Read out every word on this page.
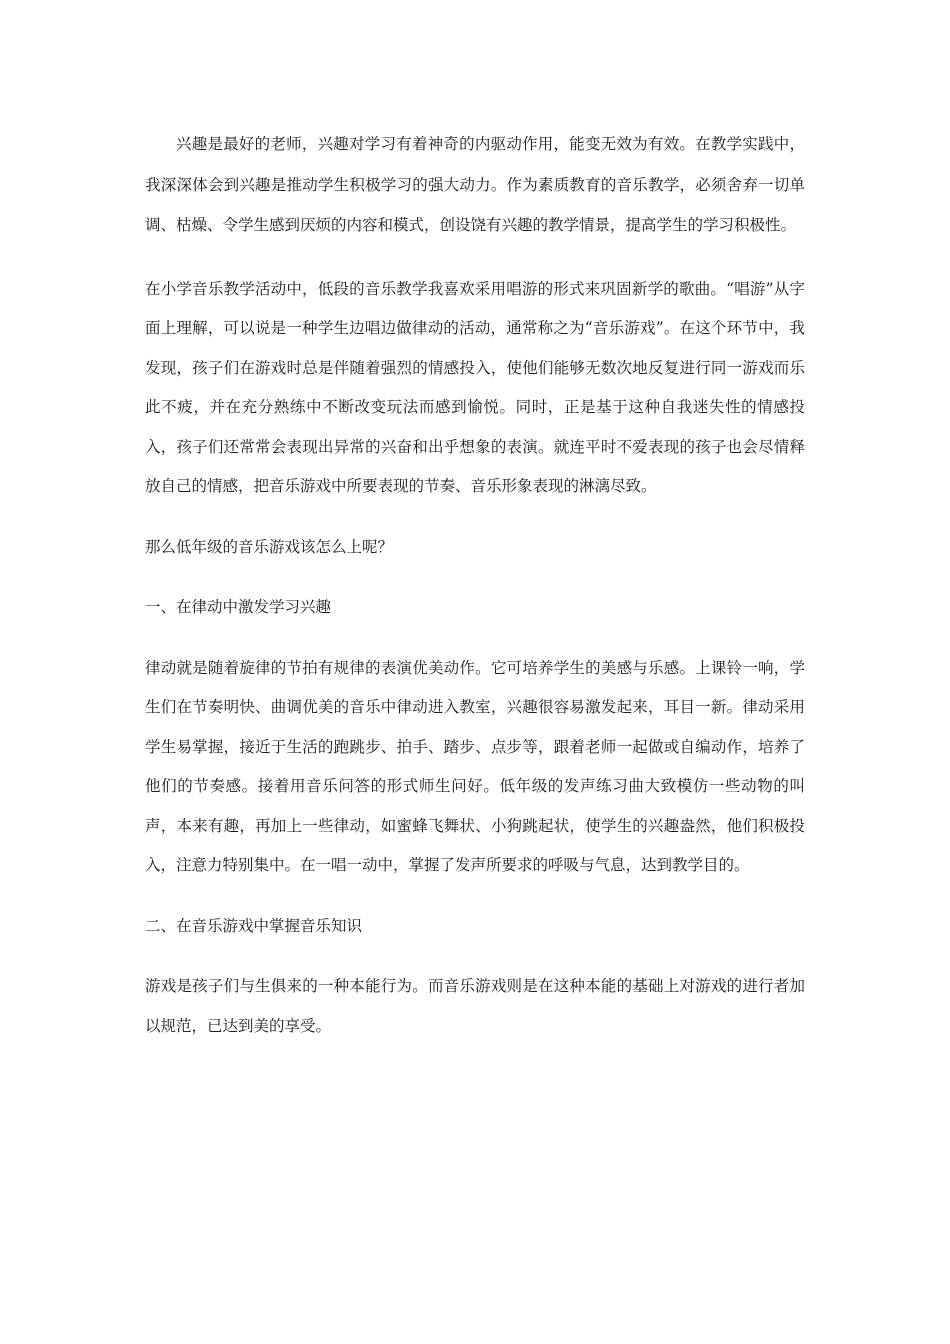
兴趣是最好的老师，兴趣对学习有着神奇的内驱动作用，能变无效为有效。在教学实践中，我深深体会到兴趣是推动学生积极学习的强大动力。作为素质教育的音乐教学，必须舍弃一切单调、枯燥、令学生感到厌烦的内容和模式，创设饶有兴趣的教学情景，提高学生的学习积极性。

在小学音乐教学活动中，低段的音乐教学我喜欢采用唱游的形式来巩固新学的歌曲。“唱游”从字面上理解，可以说是一种学生边唱边做律动的活动，通常称之为“音乐游戏”。在这个环节中，我发现，孩子们在游戏时总是伴随着强烈的情感投入，使他们能够无数次地反复进行同一游戏而乐此不疲，并在充分熟练中不断改变玩法而感到愉悦。同时，正是基于这种自我迷失性的情感投入，孩子们还常常会表现出异常的兴奋和出乎想象的表演。就连平时不爱表现的孩子也会尽情释放自己的情感，把音乐游戏中所要表现的节奏、音乐形象表现的淋漓尽致。

那么低年级的音乐游戏该怎么上呢？

一、在律动中激发学习兴趣

律动就是随着旋律的节拍有规律的表演优美动作。它可培养学生的美感与乐感。上课铃一响，学生们在节奏明快、曲调优美的音乐中律动进入教室，兴趣很容易激发起来，耳目一新。律动采用学生易掌握，接近于生活的跑跳步、拍手、踏步、点步等，跟着老师一起做或自编动作，培养了他们的节奏感。接着用音乐问答的形式师生问好。低年级的发声练习曲大致模仿一些动物的叫声，本来有趣，再加上一些律动，如蜜蜂飞舞状、小狗跳起状，使学生的兴趣盎然，他们积极投入，注意力特别集中。在一唱一动中，掌握了发声所要求的呼吸与气息，达到教学目的。

二、在音乐游戏中掌握音乐知识

游戏是孩子们与生俱来的一种本能行为。而音乐游戏则是在这种本能的基础上对游戏的进行者加以规范，已达到美的享受。
